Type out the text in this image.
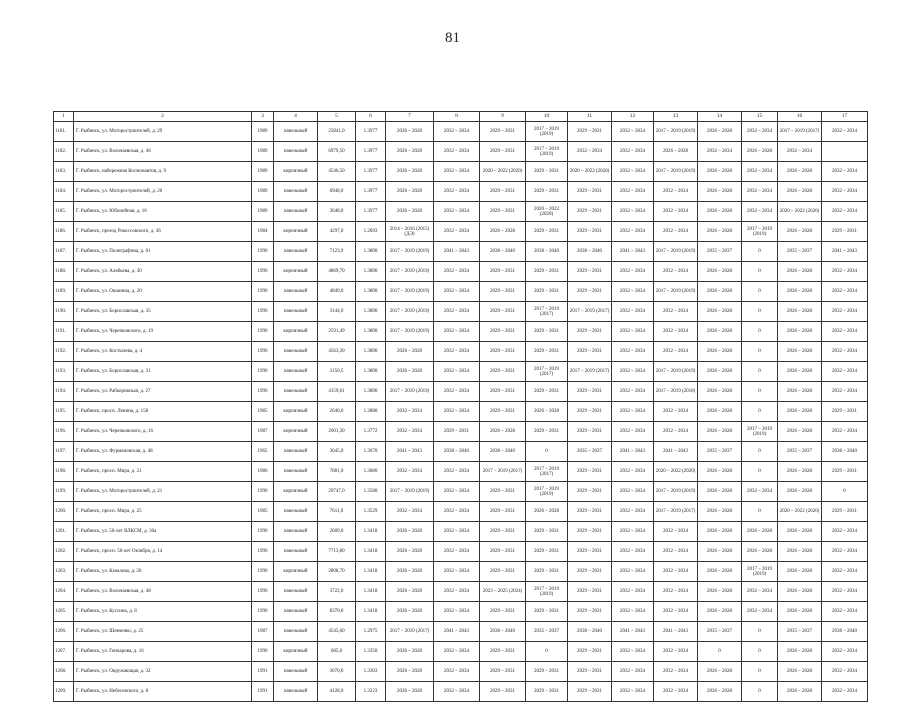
81
1	2	3	4	5	6	7	8	9	10	11	12	13	14	15	16	17
1181.	Г. Рыбинск, ул. Моторостроителей, д. 29	1989	панельный	25841,0	1.3977	2026 – 2028	2032 – 2034	2029 – 2031	2017 – 2019 (2019)	2029 – 2031	2032 – 2034	2017 – 2019 (2019)	2026 – 2028	2032 – 2034	2017 – 2019 (2017)	2032 – 2034
1182.	Г. Рыбинск, ул. Волочаевская, д. 46	1989	панельный	6979,50	1.3977	2026 – 2028	2032 – 2034	2029 – 2031	2017 – 2019 (2019)	2032 – 2034	2032 – 2034	2026 – 2028	2032 – 2034	2026 – 2028	2032 – 2034	
1183.	Г. Рыбинск, набережная Космонавтов, д. 9	1989	кирпичный	4546,50	1.3977	2026 – 2028	2032 – 2034	2020 – 2022 (2020)	2029 – 2031	2020 – 2022 (2020)	2032 – 2034	2017 – 2019 (2019)	2026 – 2028	2032 – 2034	2026 – 2028	2032 – 2034
1184.	Г. Рыбинск, ул. Моторостроителей, д. 20	1989	панельный	6948,0	1.3977	2026 – 2028	2032 – 2034	2029 – 2031	2029 – 2031	2029 – 2031	2032 – 2034	2032 – 2034	2026 – 2028	2032 – 2034	2026 – 2028	2032 – 2034
1185.	Г. Рыбинск, ул. Юбилейная, д. 16	1989	панельный	3648,0	1.3977	2026 – 2028	2032 – 2034	2029 – 2031	2020 – 2022 (2020)	2029 – 2031	2032 – 2034	2032 – 2034	2026 – 2028	2032 – 2034	2020 – 2022 (2020)	2032 – 2034
1186.	Г. Рыбинск, проезд Рокоссовского, д. 36	1984	кирпичный	4297,0	1.2693	2014 – 2016 (2015) (ДЭ)	2032 – 2034	2026 – 2028	2029 – 2031	2029 – 2031	2032 – 2034	2032 – 2034	2026 – 2028	2017 – 2019 (2019)	2026 – 2028	2029 – 2031
1187.	Г. Рыбинск, ул. Полиграфина, д. 61	1990	панельный	7123,9	1.3800	2017 – 2019 (2019)	2041 – 2043	2038 – 2040	2038 – 2040	2038 – 2040	2041 – 2043	2017 – 2019 (2019)	2035 – 2037	0	2035 – 2037	2041 – 2043
1188.	Г. Рыбинск, ул. Алябьева, д. 30	1990	кирпичный	4869,70	1.3800	2017 – 2019 (2019)	2032 – 2034	2029 – 2031	2029 – 2031	2029 – 2031	2032 – 2034	2032 – 2034	2026 – 2028	0	2026 – 2028	2032 – 2034
1189.	Г. Рыбинск, ул. Ошанина, д. 20	1990	панельный	4849,0	1.3800	2017 – 2019 (2019)	2032 – 2034	2029 – 2031	2029 – 2031	2029 – 2031	2032 – 2034	2017 – 2019 (2019)	2026 – 2028	0	2026 – 2028	2032 – 2034
1190.	Г. Рыбинск, ул. Бориславская, д. 35	1990	панельный	3144,0	1.3800	2017 – 2019 (2019)	2032 – 2034	2029 – 2031	2017 – 2019 (2017)	2017 – 2019 (2017)	2032 – 2034	2032 – 2034	2026 – 2028	0	2026 – 2028	2032 – 2034
1191.	Г. Рыбинск, ул. Черепковского, д. 19	1990	кирпичный	2591,49	1.3800	2017 – 2019 (2019)	2032 – 2034	2029 – 2031	2029 – 2031	2029 – 2031	2032 – 2034	2032 – 2034	2026 – 2028	0	2026 – 2028	2032 – 2034
1192.	Г. Рыбинск, ул. Костылева, д. 4	1990	панельный	4563,30	1.3800	2026 – 2028	2032 – 2034	2029 – 2031	2029 – 2031	2029 – 2031	2032 – 2034	2032 – 2034	2026 – 2028	0	2026 – 2028	2032 – 2034
1193.	Г. Рыбинск, ул. Бориславская, д. 31	1990	панельный	3150,5	1.3800	2026 – 2028	2032 – 2034	2029 – 2031	2017 – 2019 (2017)	2017 – 2019 (2017)	2032 – 2034	2017 – 2019 (2019)	2026 – 2028	0	2026 – 2028	2032 – 2034
1194.	Г. Рыбинск, ул. Рабкоровская, д. 27	1990	панельный	4159,61	1.3800	2017 – 2019 (2019)	2032 – 2034	2029 – 2031	2029 – 2031	2029 – 2031	2032 – 2034	2017 – 2019 (2018)	2026 – 2028	0	2026 – 2028	2032 – 2034
1195.	Г. Рыбинск, просп. Ленина, д. 158	1985	кирпичный	2640,0	1.2880	2032 – 2034	2032 – 2034	2029 – 2031	2026 – 2028	2029 – 2031	2032 – 2034	2032 – 2034	2026 – 2028	0	2026 – 2028	2029 – 2031
1196.	Г. Рыбинск, ул. Черепковского, д. 16	1987	кирпичный	2601,30	1.3772	2032 – 2034	2029 – 2031	2026 – 2028	2029 – 2031	2029 – 2031	2032 – 2034	2032 – 2034	2026 – 2028	2017 – 2019 (2019)	2026 – 2028	2032 – 2034
1197.	Г. Рыбинск, ул. Фурмановская, д. 48	1965	панельный	3045,0	1.3670	2041 – 2043	2038 – 2040	2038 – 2040	0	2035 – 2037	2041 – 2043	2041 – 2043	2035 – 2037	0	2035 – 2037	2038 – 2040
1198.	Г. Рыбинск, просп. Мира, д. 21	1986	панельный	7881,0	1.3680	2032 – 2034	2032 – 2034	2017 – 2019 (2017)	2017 – 2019 (2017)	2029 – 2031	2032 – 2034	2020 – 2022 (2020)	2026 – 2028	0	2026 – 2028	2029 – 2031
1199.	Г. Рыбинск, ул. Моторостроителей, д. 21	1990	кирпичный	29747,0	1.3580	2017 – 2019 (2019)	2032 – 2034	2029 – 2031	2017 – 2019 (2019)	2029 – 2031	2032 – 2034	2017 – 2019 (2019)	2026 – 2028	2032 – 2034	2026 – 2028	0
1200.	Г. Рыбинск, просп. Мира, д. 25	1985	панельный	7611,0	1.3529	2032 – 2034	2032 – 2034	2029 – 2031	2026 – 2028	2029 – 2031	2032 – 2034	2017 – 2019 (2017)	2026 – 2028	0	2020 – 2022 (2020)	2029 – 2031
1201.	Г. Рыбинск, ул. 50-лет ВЛКСМ, д. 30а	1990	панельный	2609,0	1.3418	2026 – 2028	2032 – 2034	2029 – 2031	2029 – 2031	2029 – 2031	2032 – 2034	2032 – 2034	2026 – 2028	2026 – 2028	2026 – 2028	2032 – 2034
1202.	Г. Рыбинск, просп. 50-лет Октября, д. 14	1990	панельный	7713,80	1.3418	2026 – 2028	2032 – 2034	2029 – 2031	2029 – 2031	2029 – 2031	2032 – 2034	2032 – 2034	2026 – 2028	2026 – 2028	2026 – 2028	2032 – 2034
1203.	Г. Рыбинск, ул. Качалова, д. 26	1990	кирпичный	2808,70	1.3418	2026 – 2028	2032 – 2034	2029 – 2031	2029 – 2031	2029 – 2031	2032 – 2034	2032 – 2034	2026 – 2028	2017 – 2019 (2019)	2026 – 2028	2032 – 2034
1204.	Г. Рыбинск, ул. Волочаевская, д. 48	1990	панельный	3722,0	1.3418	2026 – 2028	2032 – 2034	2023 – 2025 (2024)	2017 – 2019 (2019)	2029 – 2031	2032 – 2034	2032 – 2034	2026 – 2028	2032 – 2034	2026 – 2028	2032 – 2034
1205.	Г. Рыбинск, ул. Куссина, д. 8	1990	панельный	8370,0	1.3418	2026 – 2028	2032 – 2034	2029 – 2031	2029 – 2031	2029 – 2031	2032 – 2034	2032 – 2034	2026 – 2028	2032 – 2034	2026 – 2028	2032 – 2034
1206.	Г. Рыбинск, ул. Шевченко, д. 25	1987	панельный	4545,60	1.2975	2017 – 2019 (2017)	2041 – 2043	2038 – 2040	2035 – 2037	2038 – 2040	2041 – 2043	2041 – 2043	2035 – 2037	0	2035 – 2037	2038 – 2040
1207.	Г. Рыбинск, ул. Гончарова, д. 16	1990	кирпичный	685,0	1.3350	2026 – 2028	2032 – 2034	2029 – 2031	0	2029 – 2031	2032 – 2034	2032 – 2034	0	0	2026 – 2028	2032 – 2034
1208.	Г. Рыбинск, ул. Окружающая, д. 32	1991	панельный	3070,0	1.3303	2026 – 2028	2032 – 2034	2029 – 2031	2029 – 2031	2029 – 2031	2032 – 2034	2032 – 2034	2026 – 2028	0	2026 – 2028	2032 – 2034
1209.	Г. Рыбинск, ул. Небесевского, д. 8	1991	панельный	4128,0	1.3223	2026 – 2028	2032 – 2034	2029 – 2031	2029 – 2031	2029 – 2031	2032 – 2034	2032 – 2034	2026 – 2028	0	2026 – 2028	2032 – 2034
